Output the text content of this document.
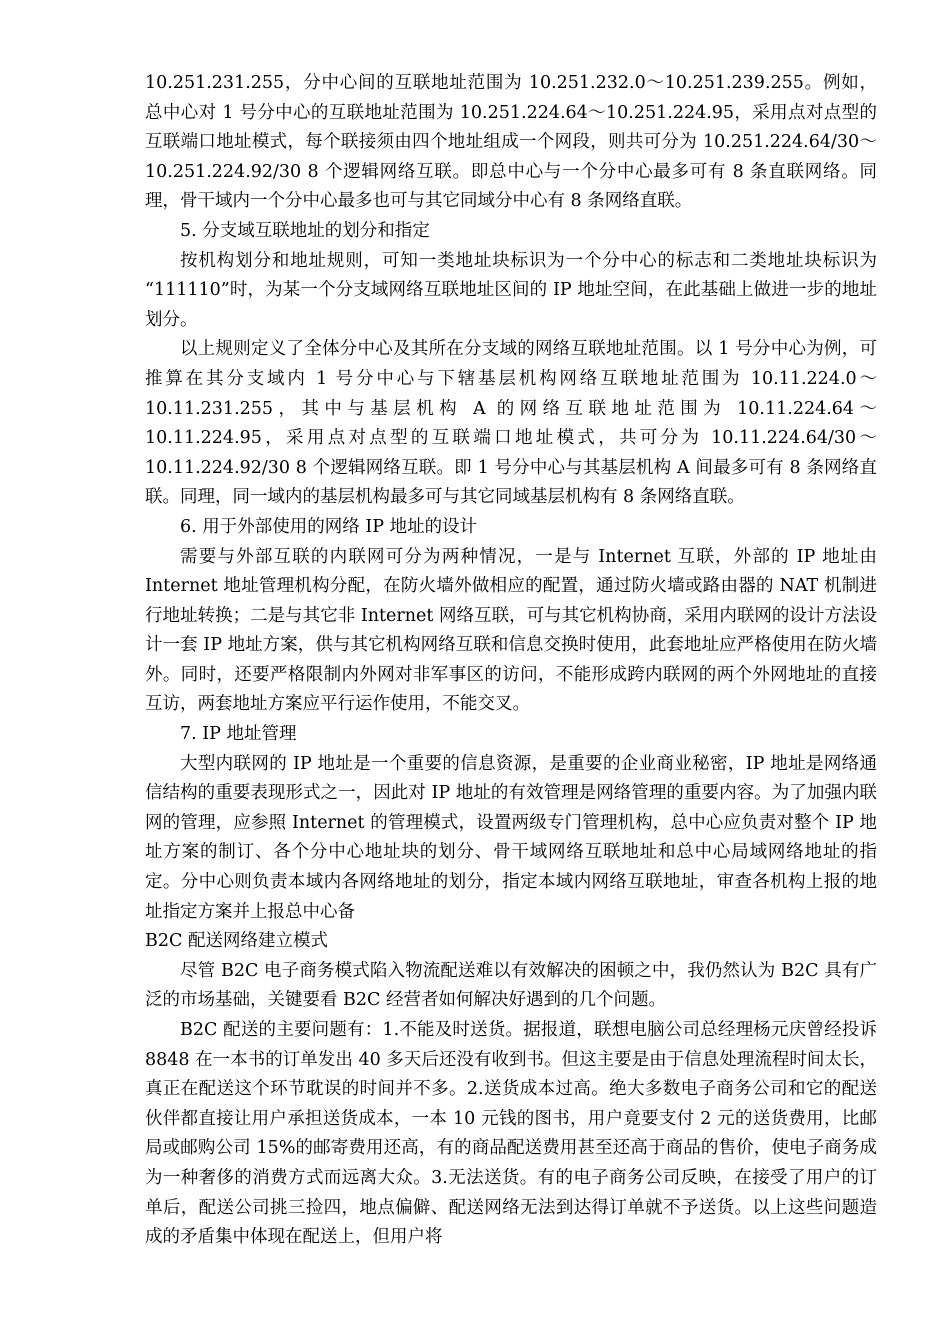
10.251.231.255，分中心间的互联地址范围为 10.251.232.0～10.251.239.255。例如，总中心对 1 号分中心的互联地址范围为 10.251.224.64～10.251.224.95，采用点对点型的互联端口地址模式，每个联接须由四个地址组成一个网段，则共可分为 10.251.224.64/30～10.251.224.92/30 8 个逻辑网络互联。即总中心与一个分中心最多可有 8 条直联网络。同理，骨干域内一个分中心最多也可与其它同域分中心有 8 条网络直联。

5. 分支域互联地址的划分和指定

按机构划分和地址规则，可知一类地址块标识为一个分中心的标志和二类地址块标识为 “111110”时，为某一个分支域网络互联地址区间的 IP 地址空间，在此基础上做进一步的地址划分。

以上规则定义了全体分中心及其所在分支域的网络互联地址范围。以 1 号分中心为例，可推算在其分支域内 1 号分中心与下辖基层机构网络互联地址范围为 10.11.224.0～10.11.231.255，其中与基层机构 A 的网络互联地址范围为 10.11.224.64～10.11.224.95，采用点对点型的互联端口地址模式，共可分为 10.11.224.64/30～10.11.224.92/30 8 个逻辑网络互联。即 1 号分中心与其基层机构 A 间最多可有 8 条网络直联。同理，同一域内的基层机构最多可与其它同域基层机构有 8 条网络直联。

6. 用于外部使用的网络 IP 地址的设计

需要与外部互联的内联网可分为两种情况，一是与 Internet 互联，外部的 IP 地址由 Internet 地址管理机构分配，在防火墙外做相应的配置，通过防火墙或路由器的 NAT 机制进行地址转换；二是与其它非 Internet 网络互联，可与其它机构协商，采用内联网的设计方法设计一套 IP 地址方案，供与其它机构网络互联和信息交换时使用，此套地址应严格使用在防火墙外。同时，还要严格限制内外网对非军事区的访问，不能形成跨内联网的两个外网地址的直接互访，两套地址方案应平行运作使用，不能交叉。

7. IP 地址管理

大型内联网的 IP 地址是一个重要的信息资源，是重要的企业商业秘密，IP 地址是网络通信结构的重要表现形式之一，因此对 IP 地址的有效管理是网络管理的重要内容。为了加强内联网的管理，应参照 Internet 的管理模式，设置两级专门管理机构，总中心应负责对整个 IP 地址方案的制订、各个分中心地址块的划分、骨干域网络互联地址和总中心局域网络地址的指定。分中心则负责本域内各网络地址的划分，指定本域内网络互联地址，审查各机构上报的地址指定方案并上报总中心备

B2C 配送网络建立模式

尽管 B2C 电子商务模式陷入物流配送难以有效解决的困顿之中，我仍然认为 B2C 具有广泛的市场基础，关键要看 B2C 经营者如何解决好遇到的几个问题。

B2C 配送的主要问题有：1.不能及时送货。据报道，联想电脑公司总经理杨元庆曾经投诉 8848 在一本书的订单发出 40 多天后还没有收到书。但这主要是由于信息处理流程时间太长，真正在配送这个环节耽误的时间并不多。2.送货成本过高。绝大多数电子商务公司和它的配送伙伴都直接让用户承担送货成本，一本 10 元钱的图书，用户竟要支付 2 元的送货费用，比邮局或邮购公司 15%的邮寄费用还高，有的商品配送费用甚至还高于商品的售价，使电子商务成为一种奢侈的消费方式而远离大众。3.无法送货。有的电子商务公司反映，在接受了用户的订单后，配送公司挑三捡四，地点偏僻、配送网络无法到达得订单就不予送货。以上这些问题造成的矛盾集中体现在配送上，但用户将
